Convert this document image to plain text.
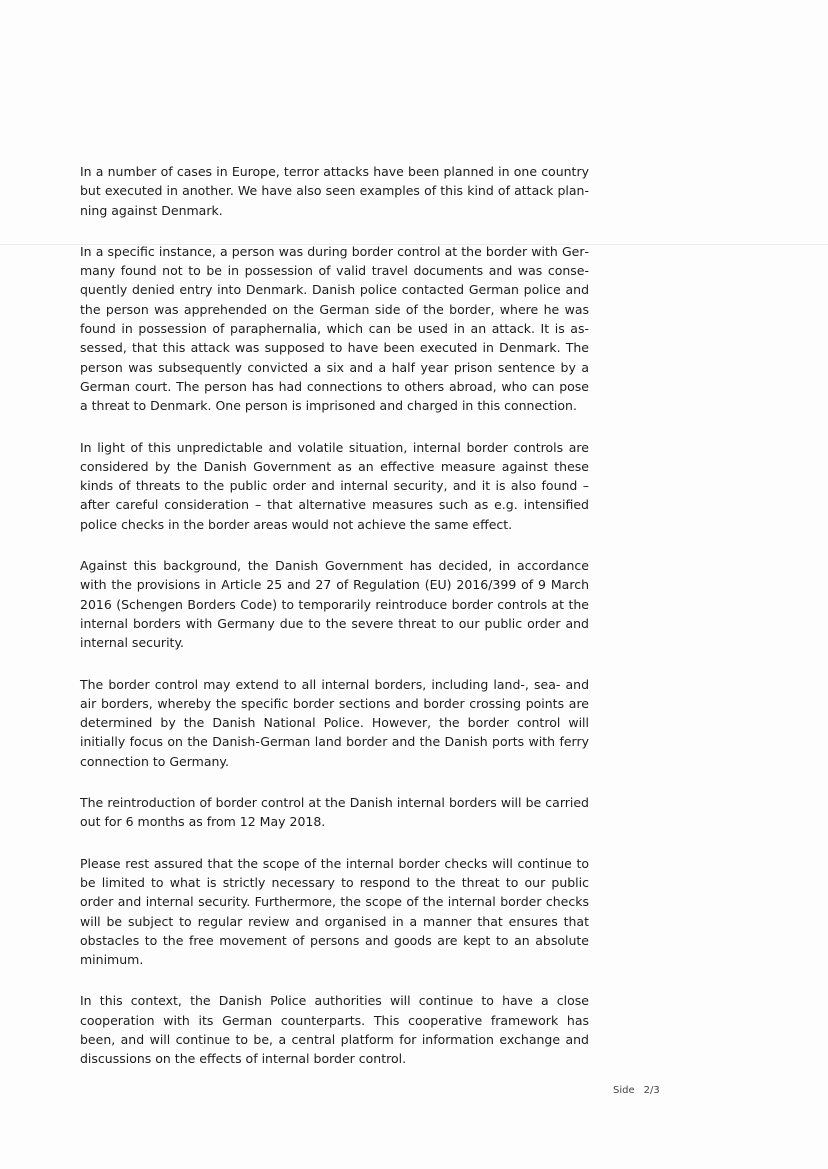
In a number of cases in Europe, terror attacks have been planned in one country but executed in another. We have also seen examples of this kind of attack planning against Denmark.

In a specific instance, a person was during border control at the border with Germany found not to be in possession of valid travel documents and was consequently denied entry into Denmark. Danish police contacted German police and the person was apprehended on the German side of the border, where he was found in possession of paraphernalia, which can be used in an attack. It is assessed, that this attack was supposed to have been executed in Denmark. The person was subsequently convicted a six and a half year prison sentence by a German court. The person has had connections to others abroad, who can pose a threat to Denmark. One person is imprisoned and charged in this connection.

In light of this unpredictable and volatile situation, internal border controls are considered by the Danish Government as an effective measure against these kinds of threats to the public order and internal security, and it is also found – after careful consideration – that alternative measures such as e.g. intensified police checks in the border areas would not achieve the same effect.

Against this background, the Danish Government has decided, in accordance with the provisions in Article 25 and 27 of Regulation (EU) 2016/399 of 9 March 2016 (Schengen Borders Code) to temporarily reintroduce border controls at the internal borders with Germany due to the severe threat to our public order and internal security.

The border control may extend to all internal borders, including land-, sea- and air borders, whereby the specific border sections and border crossing points are determined by the Danish National Police. However, the border control will initially focus on the Danish-German land border and the Danish ports with ferry connection to Germany.

The reintroduction of border control at the Danish internal borders will be carried out for 6 months as from 12 May 2018.

Please rest assured that the scope of the internal border checks will continue to be limited to what is strictly necessary to respond to the threat to our public order and internal security. Furthermore, the scope of the internal border checks will be subject to regular review and organised in a manner that ensures that obstacles to the free movement of persons and goods are kept to an absolute minimum.

In this context, the Danish Police authorities will continue to have a close cooperation with its German counterparts. This cooperative framework has been, and will continue to be, a central platform for information exchange and discussions on the effects of internal border control.

Side 2/3
